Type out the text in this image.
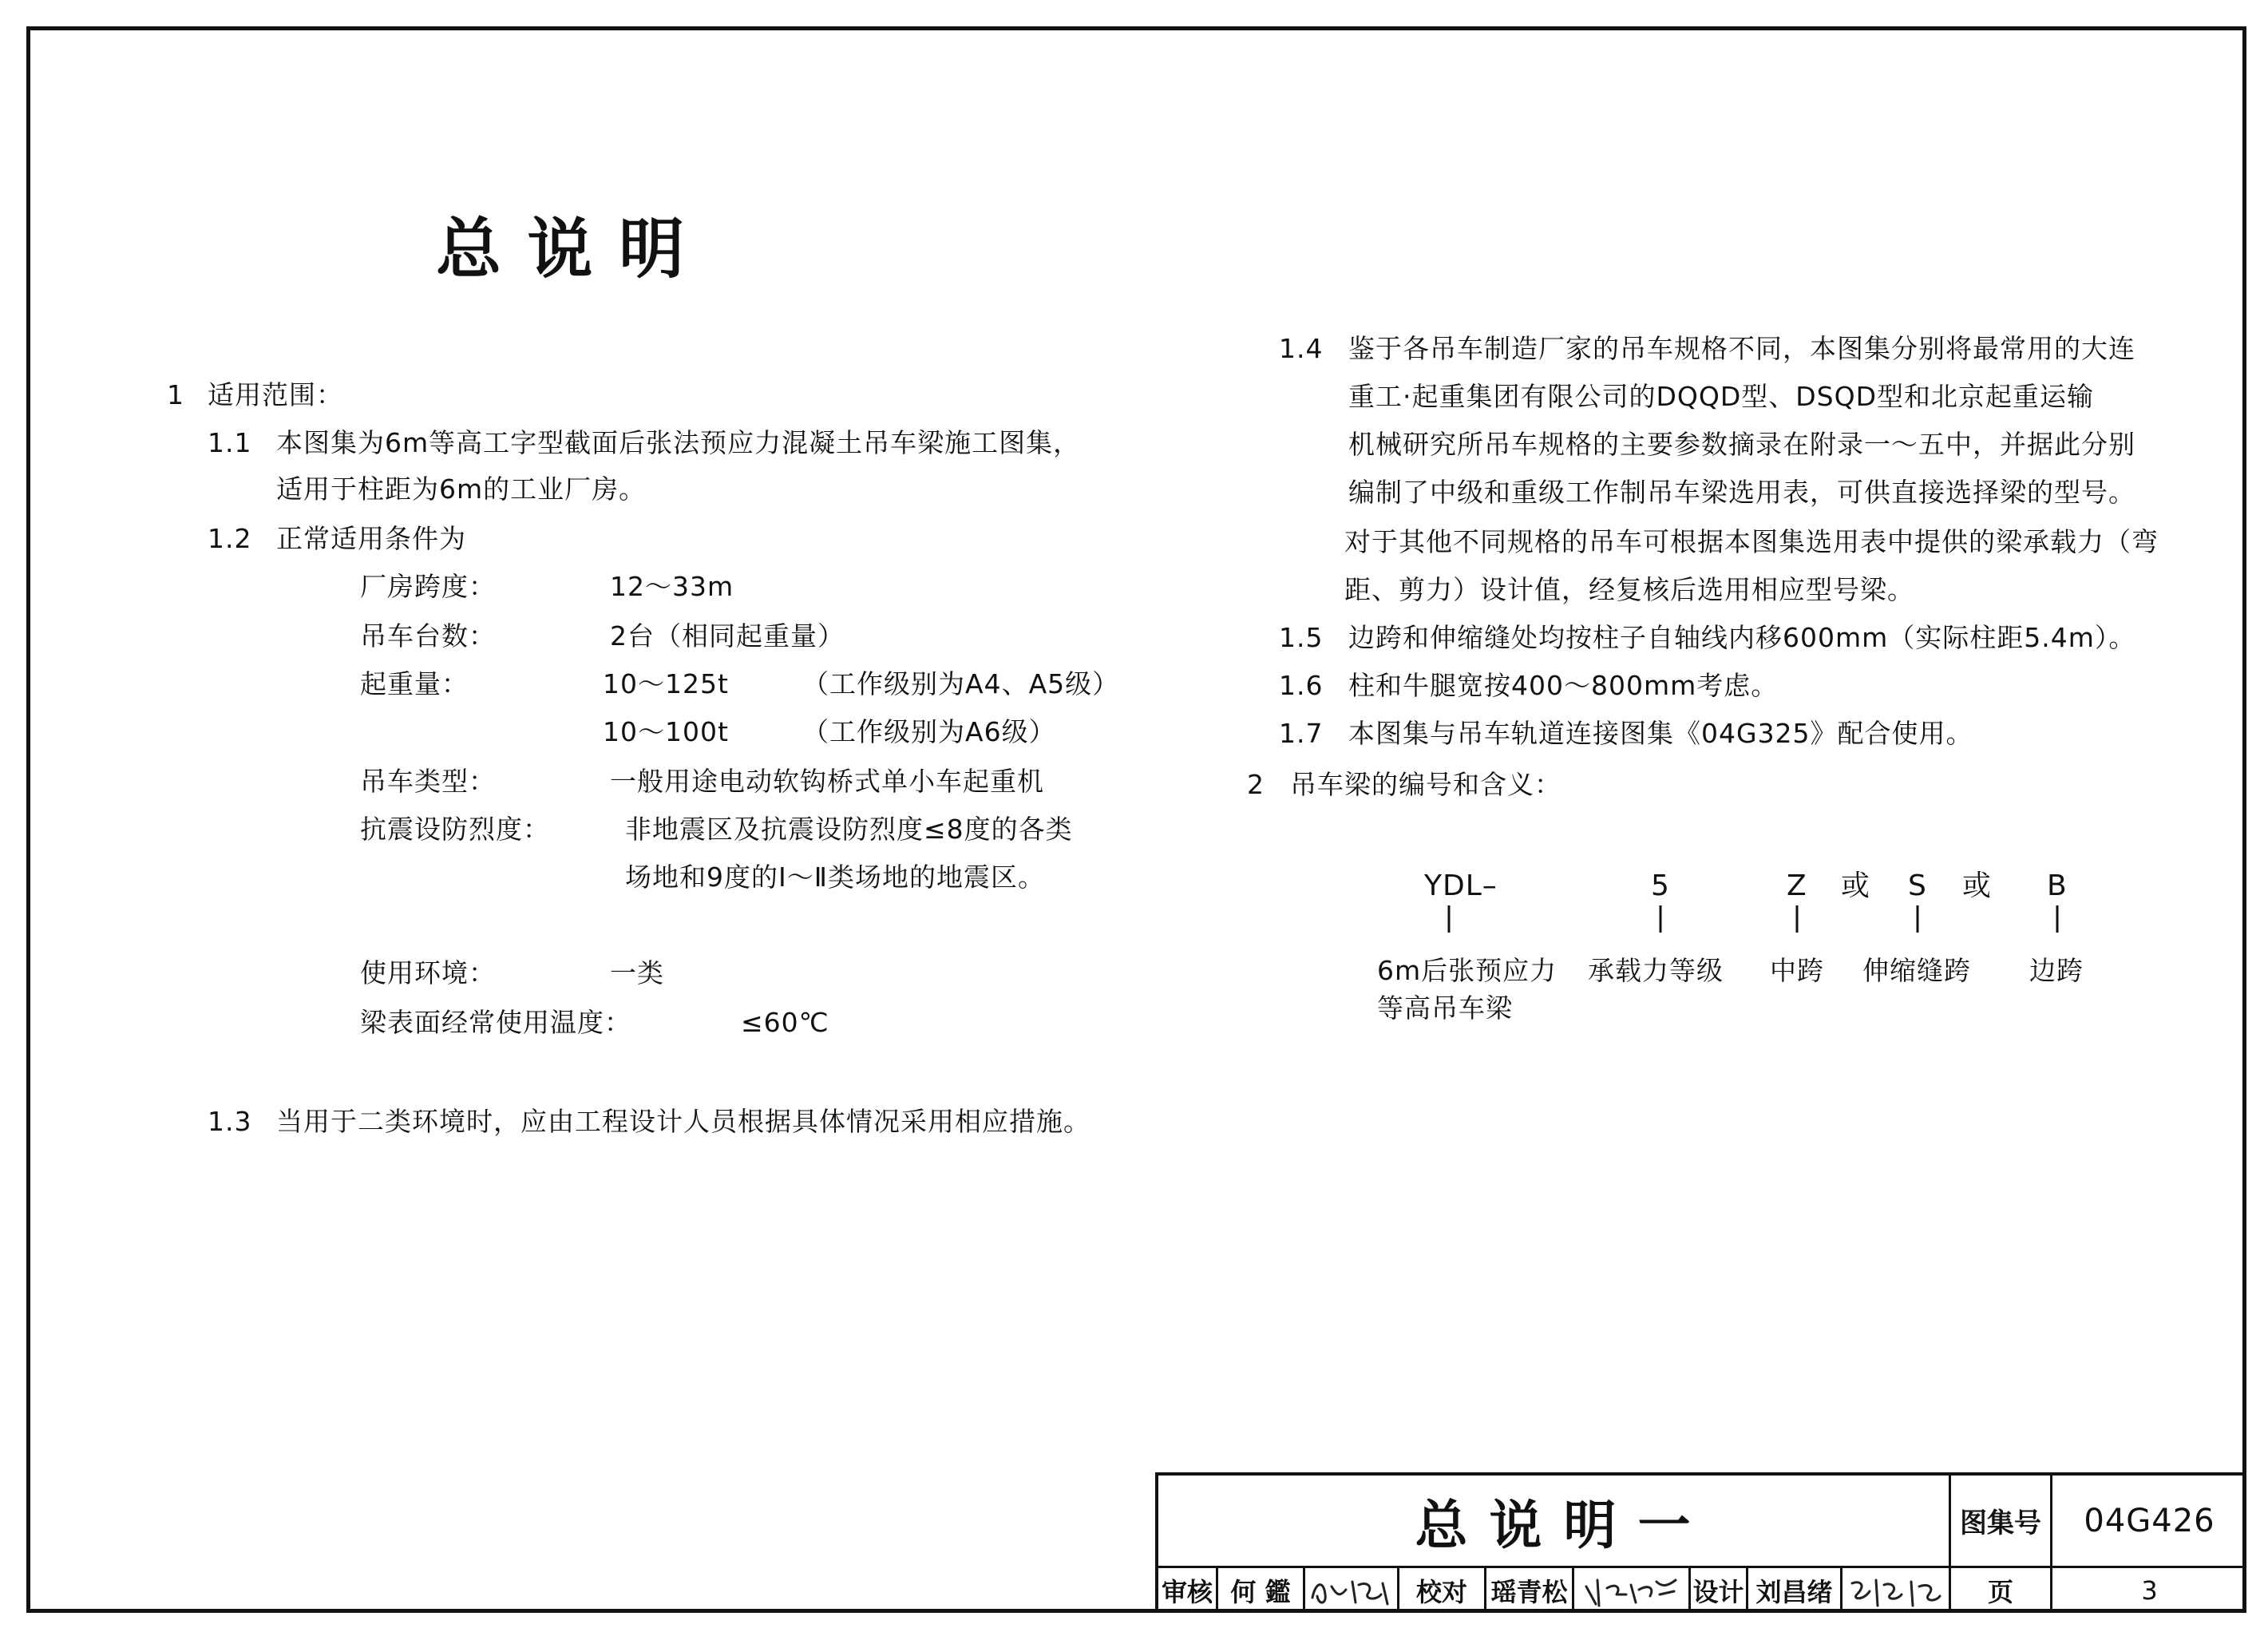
总 说 明
1 适用范围：
1.1 本图集为6m等高工字型截面后张法预应力混凝土吊车梁施工图集，
适用于柱距为6m的工业厂房。
1.2 正常适用条件为
厂房跨度：	12～33m
吊车台数：	2台（相同起重量）
起重量：	10～125t	（工作级别为A4、A5级）
10～100t	（工作级别为A6级）
吊车类型：	一般用途电动软钩桥式单小车起重机
抗震设防烈度：	非地震区及抗震设防烈度≤8度的各类
场地和9度的Ⅰ～Ⅱ类场地的地震区。
使用环境：	一类
梁表面经常使用温度：	≤60℃
1.3 当用于二类环境时，应由工程设计人员根据具体情况采用相应措施。
1.4 鉴于各吊车制造厂家的吊车规格不同，本图集分别将最常用的大连
重工·起重集团有限公司的DQQD型、DSQD型和北京起重运输
机械研究所吊车规格的主要参数摘录在附录一～五中，并据此分别
编制了中级和重级工作制吊车梁选用表，可供直接选择梁的型号。
对于其他不同规格的吊车可根据本图集选用表中提供的梁承载力（弯
距、剪力）设计值，经复核后选用相应型号梁。
1.5 边跨和伸缩缝处均按柱子自轴线内移600mm（实际柱距5.4m）。
1.6 柱和牛腿宽按400～800mm考虑。
1.7 本图集与吊车轨道连接图集《04G325》配合使用。
2 吊车梁的编号和含义：
YDL–	5	Z 或 S 或 B
6m后张预应力
等高吊车梁
承载力等级 中跨 伸缩缝跨 边跨
总 说 明 一	图集号	04G426
审核 何 鑑	校对 瑶青松	设计 刘昌绪	页	3
